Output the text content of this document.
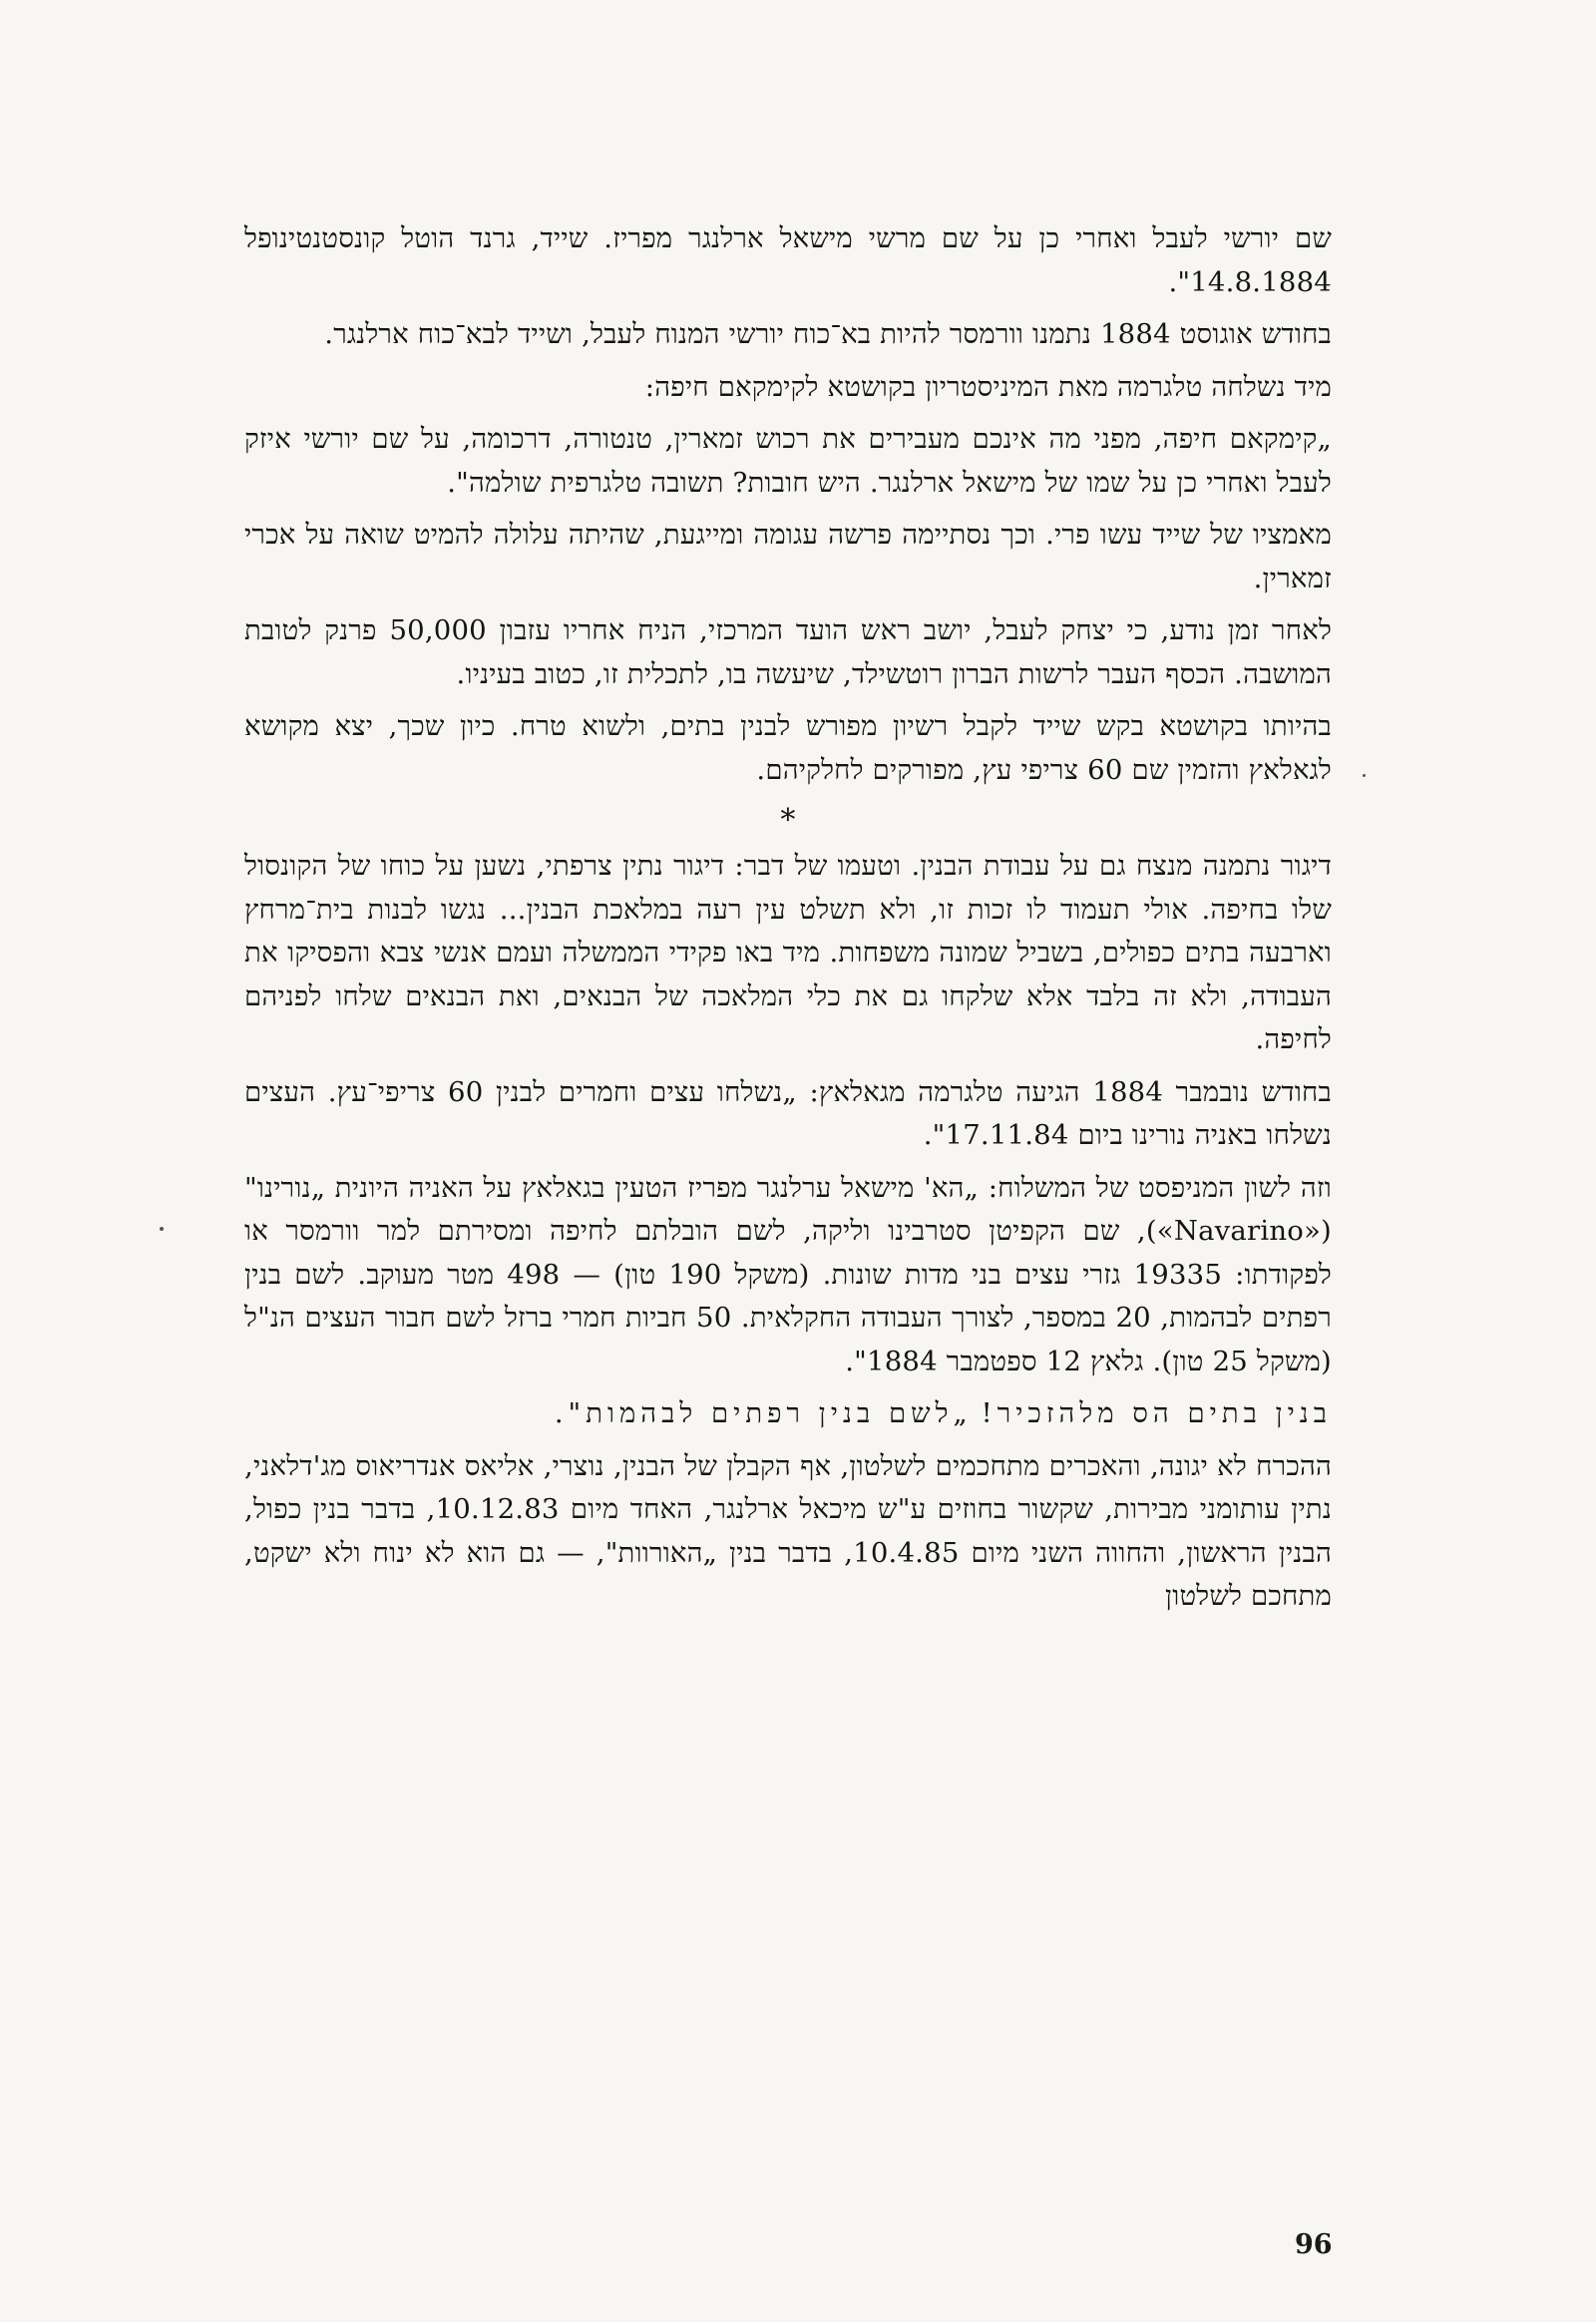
שם יורשי לעבל ואחרי כן על שם מרשי מישאל ארלנגר מפריז. שייד, גרנד הוטל קונסטנטינופל 14.8.1884".

בחודש אוגוסט 1884 נתמנו וורמסר להיות בא־כוח יורשי המנוח לעבל, ושייד לבא־כוח ארלנגר.

מיד נשלחה טלגרמה מאת המיניסטריון בקושטא לקימקאם חיפה:

„קימקאם חיפה, מפני מה אינכם מעבירים את רכוש זמארין, טנטורה, דרכומה, על שם יורשי איזק לעבל ואחרי כן על שמו של מישאל ארלנגר. היש חובות? תשובה טלגרפית שולמה".

מאמציו של שייד עשו פרי. וכך נסתיימה פרשה עגומה ומייגעת, שהיתה עלולה להמיט שואה על אכרי זמארין.

לאחר זמן נודע, כי יצחק לעבל, יושב ראש הועד המרכזי, הניח אחריו עזבון 50,000 פרנק לטובת המושבה. הכסף העבר לרשות הברון רוטשילד, שיעשה בו, לתכלית זו, כטוב בעיניו.

בהיותו בקושטא בקש שייד לקבל רשיון מפורש לבנין בתים, ולשוא טרח. כיון שכך, יצא מקושא לגאלאץ והזמין שם 60 צריפי עץ, מפורקים לחלקיהם.

*

דיגור נתמנה מנצח גם על עבודת הבנין. וטעמו של דבר: דיגור נתין צרפתי, נשען על כוחו של הקונסול שלו בחיפה. אולי תעמוד לו זכות זו, ולא תשלט עין רעה במלאכת הבנין... נגשו לבנות בית־מרחץ וארבעה בתים כפולים, בשביל שמונה משפחות. מיד באו פקידי הממשלה ועמם אנשי צבא והפסיקו את העבודה, ולא זה בלבד אלא שלקחו גם את כלי המלאכה של הבנאים, ואת הבנאים שלחו לפניהם לחיפה.

בחודש נובמבר 1884 הגיעה טלגרמה מגאלאץ: „נשלחו עצים וחמרים לבנין 60 צריפי־עץ. העצים נשלחו באניה נורינו ביום 17.11.84".

וזה לשון המניפסט של המשלוח: „הא' מישאל ערלנגר מפריז הטעין בגאלאץ על האניה היונית „נורינו" («Navarino»), שם הקפיטן סטרבינו וליקה, לשם הובלתם לחיפה ומסירתם למר וורמסר או לפקודתו: 19335 גזרי עצים בני מדות שונות. (משקל 190 טון) — 498 מטר מעוקב. לשם בנין רפתים לבהמות, 20 במספר, לצורך העבודה החקלאית. 50 חביות חמרי ברזל לשם חבור העצים הנ"ל (משקל 25 טון). גלאץ 12 ספטמבר 1884".

בנין בתים הס מלהזכיר! „לשם בנין רפתים לבהמות".

ההכרח לא יגונה, והאכרים מתחכמים לשלטון, אף הקבלן של הבנין, נוצרי, אליאס אנדריאוס מג'דלאני, נתין עותומני מבירות, שקשור בחוזים ע"ש מיכאל ארלנגר, האחד מיום 10.12.83, בדבר בנין כפול, הבנין הראשון, והחווה השני מיום 10.4.85, בדבר בנין „האורוות", — גם הוא לא ינוח ולא ישקט, מתחכם לשלטון

96
